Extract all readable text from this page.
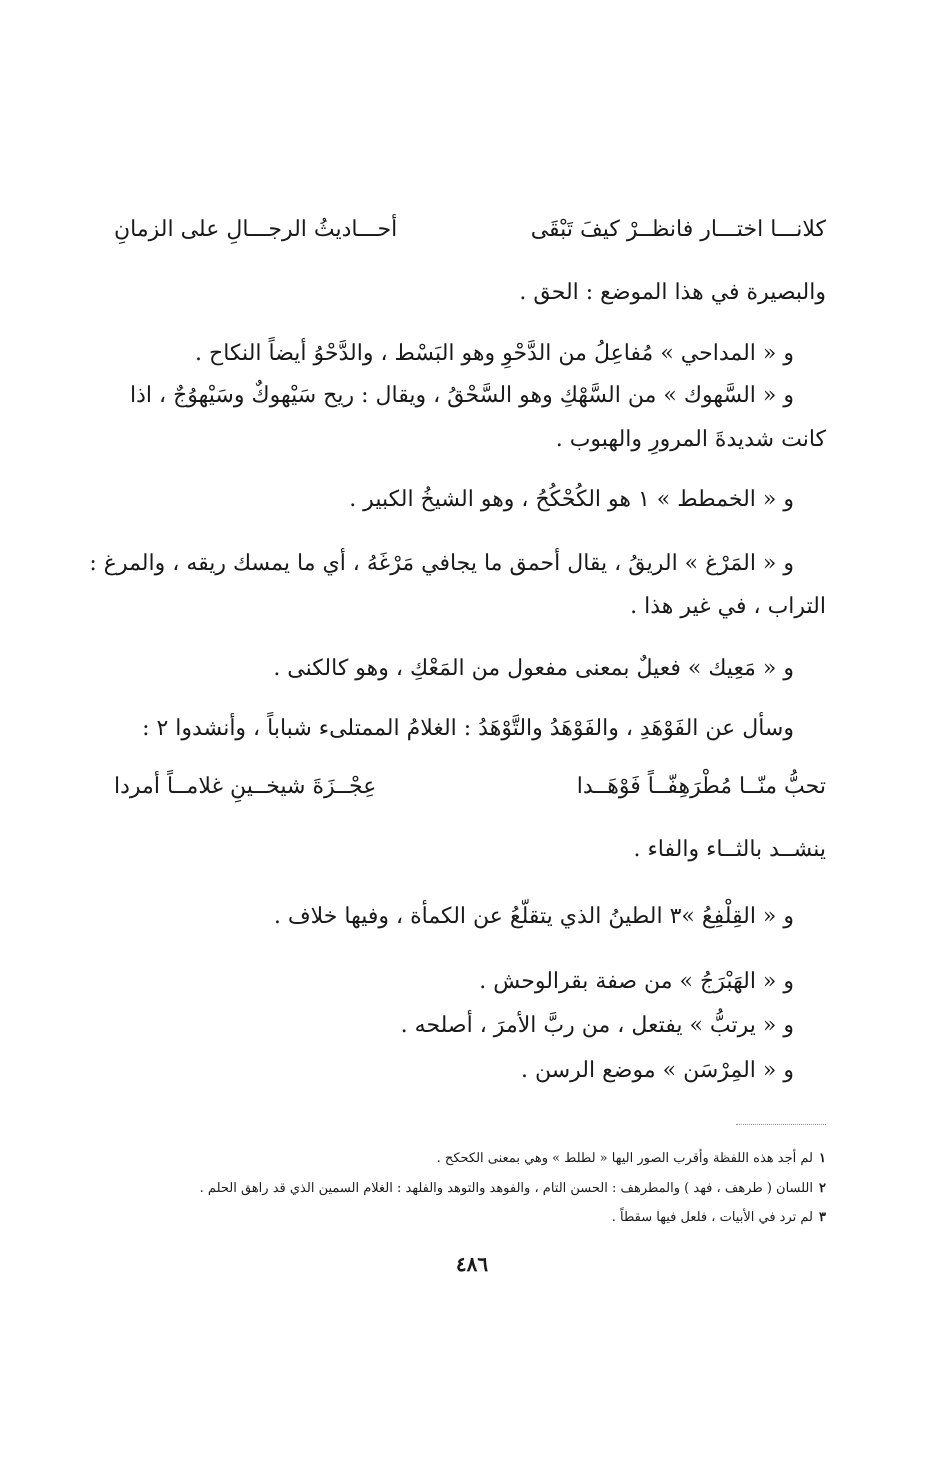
كلانـــا اختـــار فانظــرْ كيفَ تَبْقَى
أحـــاديثُ الرجـــالِ على الزمانِ
والبصيرة في هذا الموضع : الحق .
و « المداحي » مُفاعِلُ من الدَّحْوِ وهو البَسْط ، والدَّحْوُ أيضاً النكاح .
و « السَّهوك » من السَّهْكِ وهو السَّحْقُ ، ويقال : ريح سَيْهوكٌ وسَيْهوُجٌ ، اذا
كانت شديدةَ المرورِ والهبوب .
و « الخمطط » ١ هو الكُحْكُحُ ، وهو الشيخُ الكبير .
و « المَرْغ » الريقُ ، يقال أحمق ما يجافي مَرْغَهُ ، أي ما يمسك ريقه ، والمرغ :
التراب ، في غير هذا .
و « مَعِيك » فعيلٌ بمعنى مفعول من المَعْكِ ، وهو كالكنى .
وسأل عن الفَوْهَدِ ، والفَوْهَدُ والتَّوْهَدُ : الغلامُ الممتلىء شباباً ، وأنشدوا ٢ :
تحبُّ منّــا مُطْرَهِفّــاً فَوْهَــدا
عِجْــزَةَ شيخــينِ غلامــاً أمردا
ينشــد بالثــاء والفاء .
و « القِلْفِعُ »٣ الطينُ الذي يتقلّعُ عن الكمأة ، وفيها خلاف .
و « الهَبْرَجُ » من صفة بقرالوحش .
و « يرتبُّ » يفتعل ، من ربَّ الأمرَ ، أصلحه .
و « المِرْسَن » موضع الرسن .
١لم أجد هذه اللفظة وأقرب الصور اليها « لطلط » وهي بمعنى الكحكح .
٢اللسان ( طرهف ، فهد ) والمطرهف : الحسن التام ، والفوهد والتوهد والفلهد : الغلام السمين الذي قد راهق الحلم .
٣لم ترد في الأبيات ، فلعل فيها سقطاً .
٤٨٦
